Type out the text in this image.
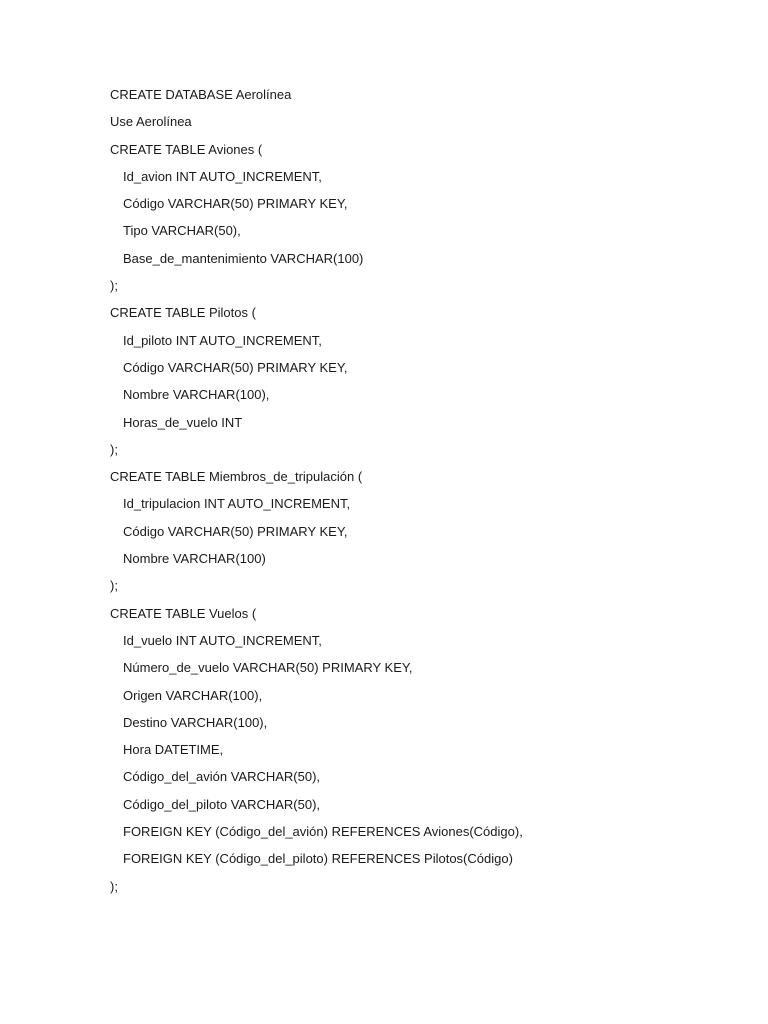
CREATE DATABASE Aerolínea
Use Aerolínea
CREATE TABLE Aviones (
Id_avion INT AUTO_INCREMENT,
Código VARCHAR(50) PRIMARY KEY,
Tipo VARCHAR(50),
Base_de_mantenimiento VARCHAR(100)
);
CREATE TABLE Pilotos (
Id_piloto INT AUTO_INCREMENT,
Código VARCHAR(50) PRIMARY KEY,
Nombre VARCHAR(100),
Horas_de_vuelo INT
);
CREATE TABLE Miembros_de_tripulación (
Id_tripulacion INT AUTO_INCREMENT,
Código VARCHAR(50) PRIMARY KEY,
Nombre VARCHAR(100)
);
CREATE TABLE Vuelos (
Id_vuelo INT AUTO_INCREMENT,
Número_de_vuelo VARCHAR(50) PRIMARY KEY,
Origen VARCHAR(100),
Destino VARCHAR(100),
Hora DATETIME,
Código_del_avión VARCHAR(50),
Código_del_piloto VARCHAR(50),
FOREIGN KEY (Código_del_avión) REFERENCES Aviones(Código),
FOREIGN KEY (Código_del_piloto) REFERENCES Pilotos(Código)
);
